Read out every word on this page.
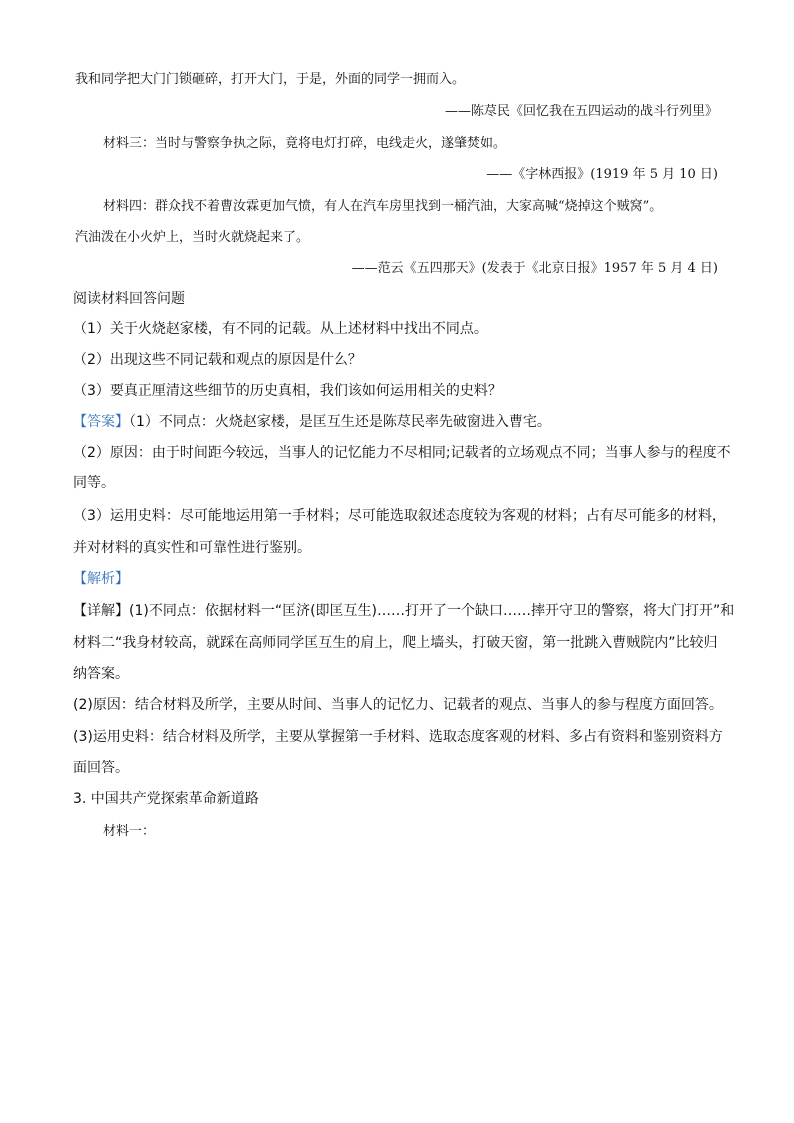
我和同学把大门门锁砸碎，打开大门，于是，外面的同学一拥而入。
——陈荩民《回忆我在五四运动的战斗行列里》
材料三：当时与警察争执之际，竟将电灯打碎，电线走火，遂肇焚如。
——《字林西报》(1919 年 5 月 10 日)
材料四：群众找不着曹汝霖更加气愤，有人在汽车房里找到一桶汽油，大家高喊“烧掉这个贼窝”。
汽油泼在小火炉上，当时火就烧起来了。
——范云《五四那天》(发表于《北京日报》1957 年 5 月 4 日)
阅读材料回答问题
（1）关于火烧赵家楼，有不同的记载。从上述材料中找出不同点。
（2）出现这些不同记载和观点的原因是什么？
（3）要真正厘清这些细节的历史真相，我们该如何运用相关的史料？
【答案】（1）不同点：火烧赵家楼，是匡互生还是陈荩民率先破窗进入曹宅。
（2）原因：由于时间距今较远，当事人的记忆能力不尽相同;记载者的立场观点不同；当事人参与的程度不
同等。
（3）运用史料：尽可能地运用第一手材料；尽可能选取叙述态度较为客观的材料；占有尽可能多的材料，
并对材料的真实性和可靠性进行鉴别。
【解析】
【详解】(1)不同点：依据材料一“匡济(即匡互生)……打开了一个缺口……摔开守卫的警察，将大门打开”和
材料二“我身材较高，就踩在高师同学匡互生的肩上，爬上墙头，打破天窗，第一批跳入曹贼院内”比较归
纳答案。
(2)原因：结合材料及所学，主要从时间、当事人的记忆力、记载者的观点、当事人的参与程度方面回答。
(3)运用史料：结合材料及所学，主要从掌握第一手材料、选取态度客观的材料、多占有资料和鉴别资料方
面回答。
3. 中国共产党探索革命新道路
材料一：
